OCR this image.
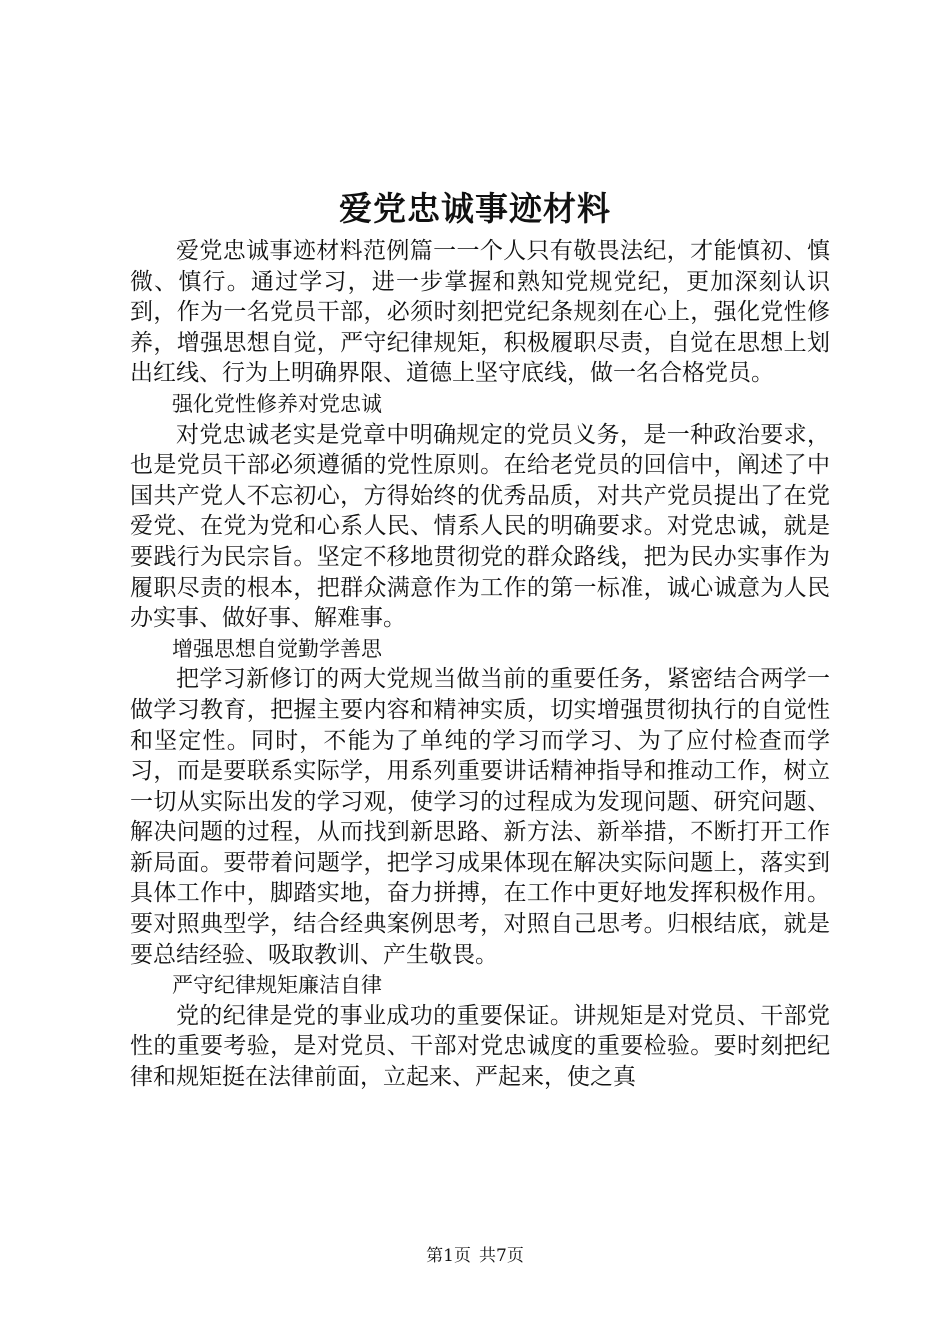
爱党忠诚事迹材料

爱党忠诚事迹材料范例篇一一个人只有敬畏法纪，才能慎初、慎微、慎行。通过学习，进一步掌握和熟知党规党纪，更加深刻认识到，作为一名党员干部，必须时刻把党纪条规刻在心上，强化党性修养，增强思想自觉，严守纪律规矩，积极履职尽责，自觉在思想上划出红线、行为上明确界限、道德上坚守底线，做一名合格党员。

强化党性修养对党忠诚

对党忠诚老实是党章中明确规定的党员义务，是一种政治要求，也是党员干部必须遵循的党性原则。在给老党员的回信中，阐述了中国共产党人不忘初心，方得始终的优秀品质，对共产党员提出了在党爱党、在党为党和心系人民、情系人民的明确要求。对党忠诚，就是要践行为民宗旨。坚定不移地贯彻党的群众路线，把为民办实事作为履职尽责的根本，把群众满意作为工作的第一标准，诚心诚意为人民办实事、做好事、解难事。

增强思想自觉勤学善思

把学习新修订的两大党规当做当前的重要任务，紧密结合两学一做学习教育，把握主要内容和精神实质，切实增强贯彻执行的自觉性和坚定性。同时，不能为了单纯的学习而学习、为了应付检查而学习，而是要联系实际学，用系列重要讲话精神指导和推动工作，树立一切从实际出发的学习观，使学习的过程成为发现问题、研究问题、解决问题的过程，从而找到新思路、新方法、新举措，不断打开工作新局面。要带着问题学，把学习成果体现在解决实际问题上，落实到具体工作中，脚踏实地，奋力拼搏，在工作中更好地发挥积极作用。要对照典型学，结合经典案例思考，对照自己思考。归根结底，就是要总结经验、吸取教训、产生敬畏。

严守纪律规矩廉洁自律

党的纪律是党的事业成功的重要保证。讲规矩是对党员、干部党性的重要考验，是对党员、干部对党忠诚度的重要检验。要时刻把纪律和规矩挺在法律前面，立起来、严起来，使之真

第1页 共7页
